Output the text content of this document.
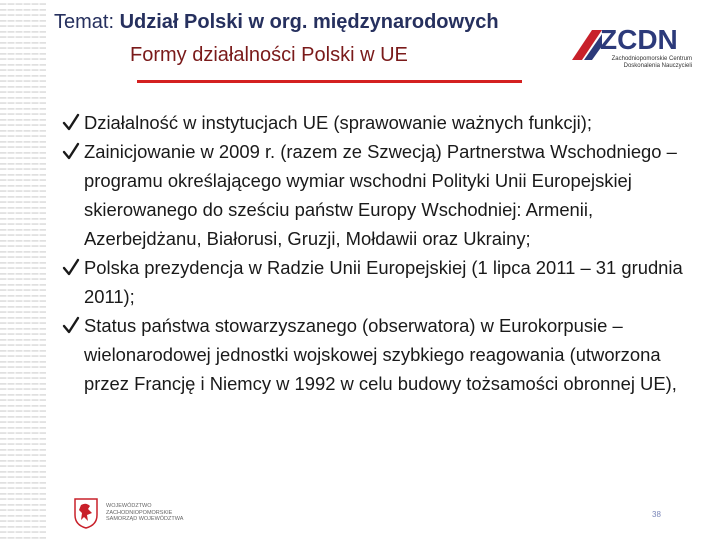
Temat: Udział Polski w org. międzynarodowych
Formy działalności Polski w UE	ZCDN
Zachodniopomorskie Centrum Doskonalenia Nauczycieli
Działalność w instytucjach UE (sprawowanie ważnych funkcji);
Zainicjowanie w 2009 r. (razem ze Szwecją) Partnerstwa Wschodniego – programu określającego wymiar wschodni Polityki Unii Europejskiej skierowanego do sześciu państw Europy Wschodniej: Armenii, Azerbejdżanu, Białorusi, Gruzji, Mołdawii oraz Ukrainy;
Polska prezydencja w Radzie Unii Europejskiej (1 lipca 2011 – 31 grudnia 2011);
Status państwa stowarzyszanego (obserwatora) w Eurokorpusie – wielonarodowej jednostki wojskowej szybkiego reagowania (utworzona przez Francję i Niemcy w 1992 w celu budowy tożsamości obronnej UE),
WOJEWÓDZTWO ZACHODNIOPOMORSKIE SAMORZĄD WOJEWÓDZTWA	38
